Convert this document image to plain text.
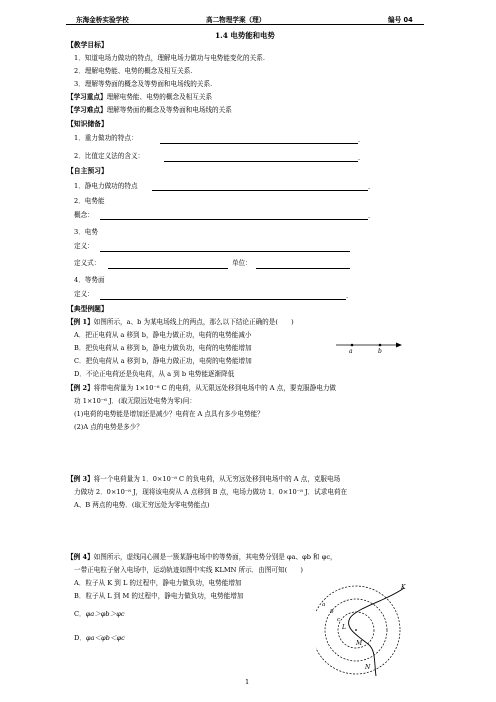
东海金桥实验学校	高二物理学案（理）	编号 04
1.4 电势能和电势
【教学目标】
1．知道电场力做功的特点，理解电场力做功与电势能变化的关系.
2．理解电势能、电势的概念及相互关系.
3．理解等势面的概念及等势面和电场线的关系.
【学习重点】理解电势能、电势的概念及相互关系
【学习难点】理解等势面的概念及等势面和电场线的关系
【知识储备】
1．重力做功的特点：	.
2．比值定义法的含义：	.
【自主预习】
1．静电力做功的特点	.
2．电势能
概念：	.
3．电势
定义：
定义式：	单位：
4．等势面
定义：	.
【典型例题】
【例 1】如图所示，a、b 为某电场线上的两点，那么以下结论正确的是(　　)
A．把正电荷从 a 移到 b，静电力做正功，电荷的电势能减小
B．把负电荷从 a 移到 b，静电力做负功，电荷的电势能增加
C．把负电荷从 a 移到 b，静电力做正功，电荷的电势能增加
D．不论正电荷还是负电荷，从 a 到 b 电势能逐渐降低
a	b
【例 2】将带电荷量为 1×10⁻⁸ C 的电荷，从无限远处移到电场中的 A 点，要克服静电力做
功 1×10⁻⁶ J．(取无限远处电势为零)问：
(1)电荷的电势能是增加还是减少？电荷在 A 点具有多少电势能？
(2)A 点的电势是多少？
【例 3】将一个电荷量为 1．0×10⁻⁸ C 的负电荷，从无穷远处移到电场中的 A 点，克服电场
力做功 2．0×10⁻⁸ J，现将该电荷从 A 点移到 B 点，电场力做功 1．0×10⁻⁸ J．试求电荷在
A、B 两点的电势．(取无穷远处为零电势能点)
【例 4】如图所示，虚线同心圆是一簇某静电场中的等势面，其电势分别是 φa、φb 和 φc，
一带正电粒子射入电场中，运动轨迹如图中实线 KLMN 所示．由图可知(　　)
A．粒子从 K 到 L 的过程中，静电力做负功，电势能增加
B．粒子从 L 到 M 的过程中，静电力做负功，电势能增加
C．φa＞φb＞φc
D．φa＜φb＜φc
a
b
c
K
L
M
N
1
